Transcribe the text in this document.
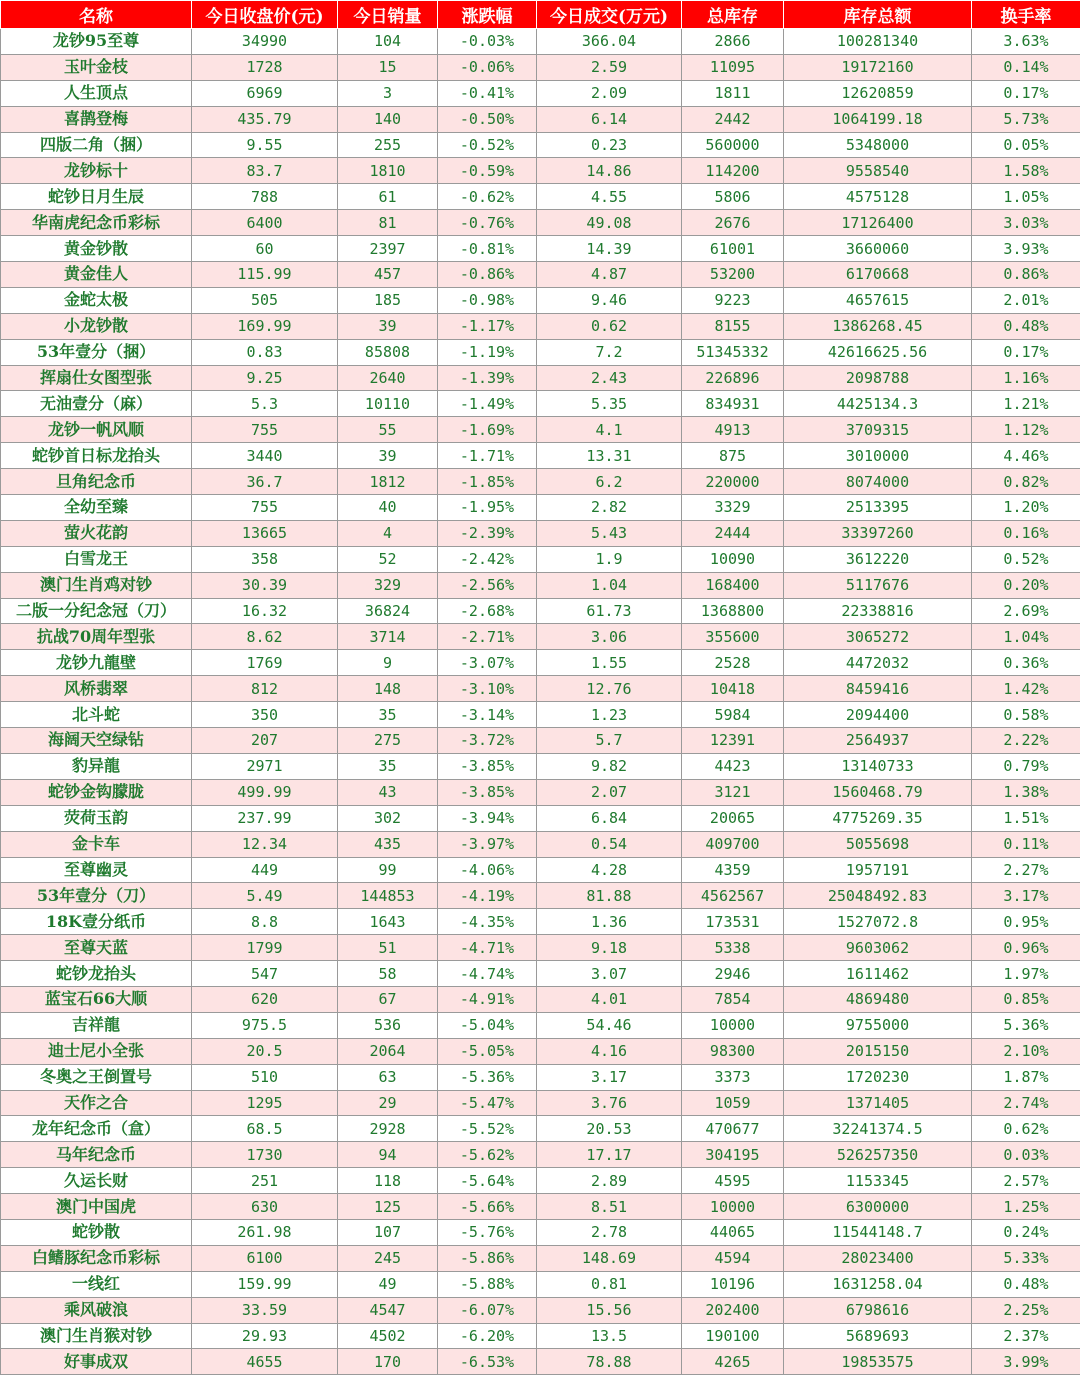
名称	今日收盘价(元)	今日销量	涨跌幅	今日成交(万元)	总库存	库存总额	换手率
龙钞95至尊	34990	104	-0.03%	366.04	2866	100281340	3.63%
玉叶金枝	1728	15	-0.06%	2.59	11095	19172160	0.14%
人生顶点	6969	3	-0.41%	2.09	1811	12620859	0.17%
喜鹊登梅	435.79	140	-0.50%	6.14	2442	1064199.18	5.73%
四版二角（捆）	9.55	255	-0.52%	0.23	560000	5348000	0.05%
龙钞标十	83.7	1810	-0.59%	14.86	114200	9558540	1.58%
蛇钞日月生辰	788	61	-0.62%	4.55	5806	4575128	1.05%
华南虎纪念币彩标	6400	81	-0.76%	49.08	2676	17126400	3.03%
黄金钞散	60	2397	-0.81%	14.39	61001	3660060	3.93%
黄金佳人	115.99	457	-0.86%	4.87	53200	6170668	0.86%
金蛇太极	505	185	-0.98%	9.46	9223	4657615	2.01%
小龙钞散	169.99	39	-1.17%	0.62	8155	1386268.45	0.48%
53年壹分（捆）	0.83	85808	-1.19%	7.2	51345332	42616625.56	0.17%
挥扇仕女图型张	9.25	2640	-1.39%	2.43	226896	2098788	1.16%
无油壹分（麻）	5.3	10110	-1.49%	5.35	834931	4425134.3	1.21%
龙钞一帆风顺	755	55	-1.69%	4.1	4913	3709315	1.12%
蛇钞首日标龙抬头	3440	39	-1.71%	13.31	875	3010000	4.46%
旦角纪念币	36.7	1812	-1.85%	6.2	220000	8074000	0.82%
全幼至臻	755	40	-1.95%	2.82	3329	2513395	1.20%
萤火花韵	13665	4	-2.39%	5.43	2444	33397260	0.16%
白雪龙王	358	52	-2.42%	1.9	10090	3612220	0.52%
澳门生肖鸡对钞	30.39	329	-2.56%	1.04	168400	5117676	0.20%
二版一分纪念冠（刀）	16.32	36824	-2.68%	61.73	1368800	22338816	2.69%
抗战70周年型张	8.62	3714	-2.71%	3.06	355600	3065272	1.04%
龙钞九龍壁	1769	9	-3.07%	1.55	2528	4472032	0.36%
风桥翡翠	812	148	-3.10%	12.76	10418	8459416	1.42%
北斗蛇	350	35	-3.14%	1.23	5984	2094400	0.58%
海阔天空绿钻	207	275	-3.72%	5.7	12391	2564937	2.22%
豹异龍	2971	35	-3.85%	9.82	4423	13140733	0.79%
蛇钞金钩朦胧	499.99	43	-3.85%	2.07	3121	1560468.79	1.38%
荧荷玉韵	237.99	302	-3.94%	6.84	20065	4775269.35	1.51%
金卡车	12.34	435	-3.97%	0.54	409700	5055698	0.11%
至尊幽灵	449	99	-4.06%	4.28	4359	1957191	2.27%
53年壹分（刀）	5.49	144853	-4.19%	81.88	4562567	25048492.83	3.17%
18K壹分纸币	8.8	1643	-4.35%	1.36	173531	1527072.8	0.95%
至尊天蓝	1799	51	-4.71%	9.18	5338	9603062	0.96%
蛇钞龙抬头	547	58	-4.74%	3.07	2946	1611462	1.97%
蓝宝石66大顺	620	67	-4.91%	4.01	7854	4869480	0.85%
吉祥龍	975.5	536	-5.04%	54.46	10000	9755000	5.36%
迪士尼小全张	20.5	2064	-5.05%	4.16	98300	2015150	2.10%
冬奥之王倒置号	510	63	-5.36%	3.17	3373	1720230	1.87%
天作之合	1295	29	-5.47%	3.76	1059	1371405	2.74%
龙年纪念币（盒）	68.5	2928	-5.52%	20.53	470677	32241374.5	0.62%
马年纪念币	1730	94	-5.62%	17.17	304195	526257350	0.03%
久运长财	251	118	-5.64%	2.89	4595	1153345	2.57%
澳门中国虎	630	125	-5.66%	8.51	10000	6300000	1.25%
蛇钞散	261.98	107	-5.76%	2.78	44065	11544148.7	0.24%
白鳍豚纪念币彩标	6100	245	-5.86%	148.69	4594	28023400	5.33%
一线红	159.99	49	-5.88%	0.81	10196	1631258.04	0.48%
乘风破浪	33.59	4547	-6.07%	15.56	202400	6798616	2.25%
澳门生肖猴对钞	29.93	4502	-6.20%	13.5	190100	5689693	2.37%
好事成双	4655	170	-6.53%	78.88	4265	19853575	3.99%
